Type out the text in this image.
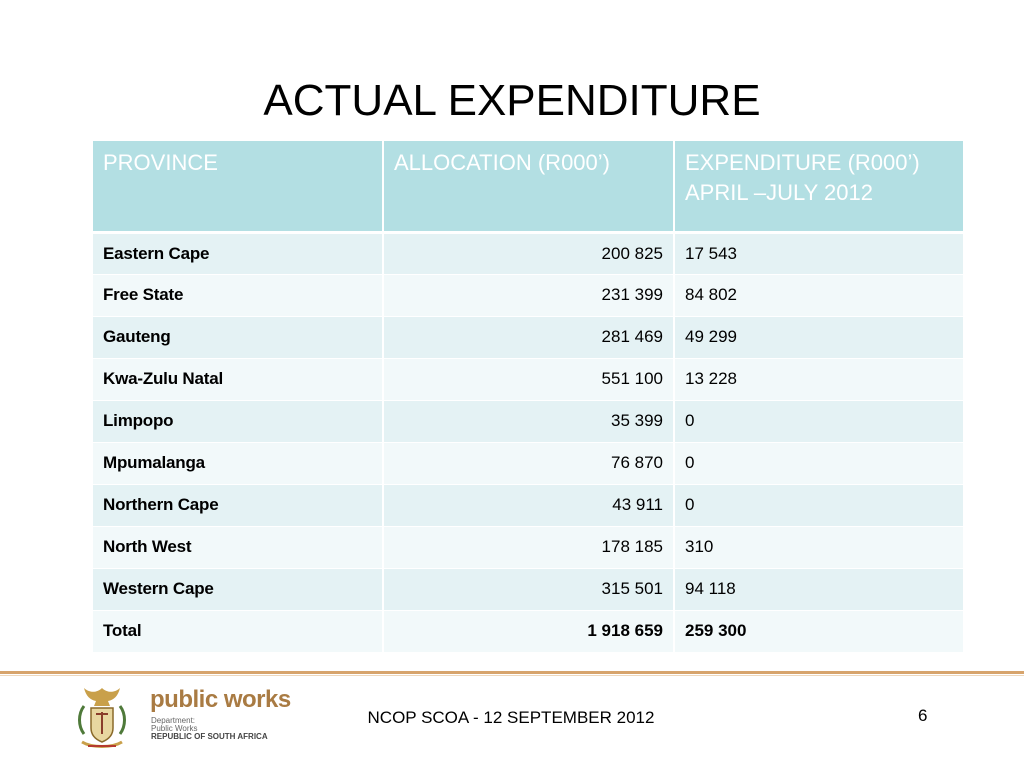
ACTUAL EXPENDITURE
PROVINCE	ALLOCATION (R000’)	EXPENDITURE (R000’) APRIL –JULY 2012
Eastern Cape	200 825	17 543
Free State	231 399	84 802
Gauteng	281 469	49 299
Kwa-Zulu Natal	551 100	13 228
Limpopo	35 399	0
Mpumalanga	76 870	0
Northern Cape	43 911	0
North West	178 185	310
Western Cape	315 501	94 118
Total	1 918 659	259 300
public works
Department:
Public Works
REPUBLIC OF SOUTH AFRICA
NCOP SCOA - 12 SEPTEMBER 2012	6
